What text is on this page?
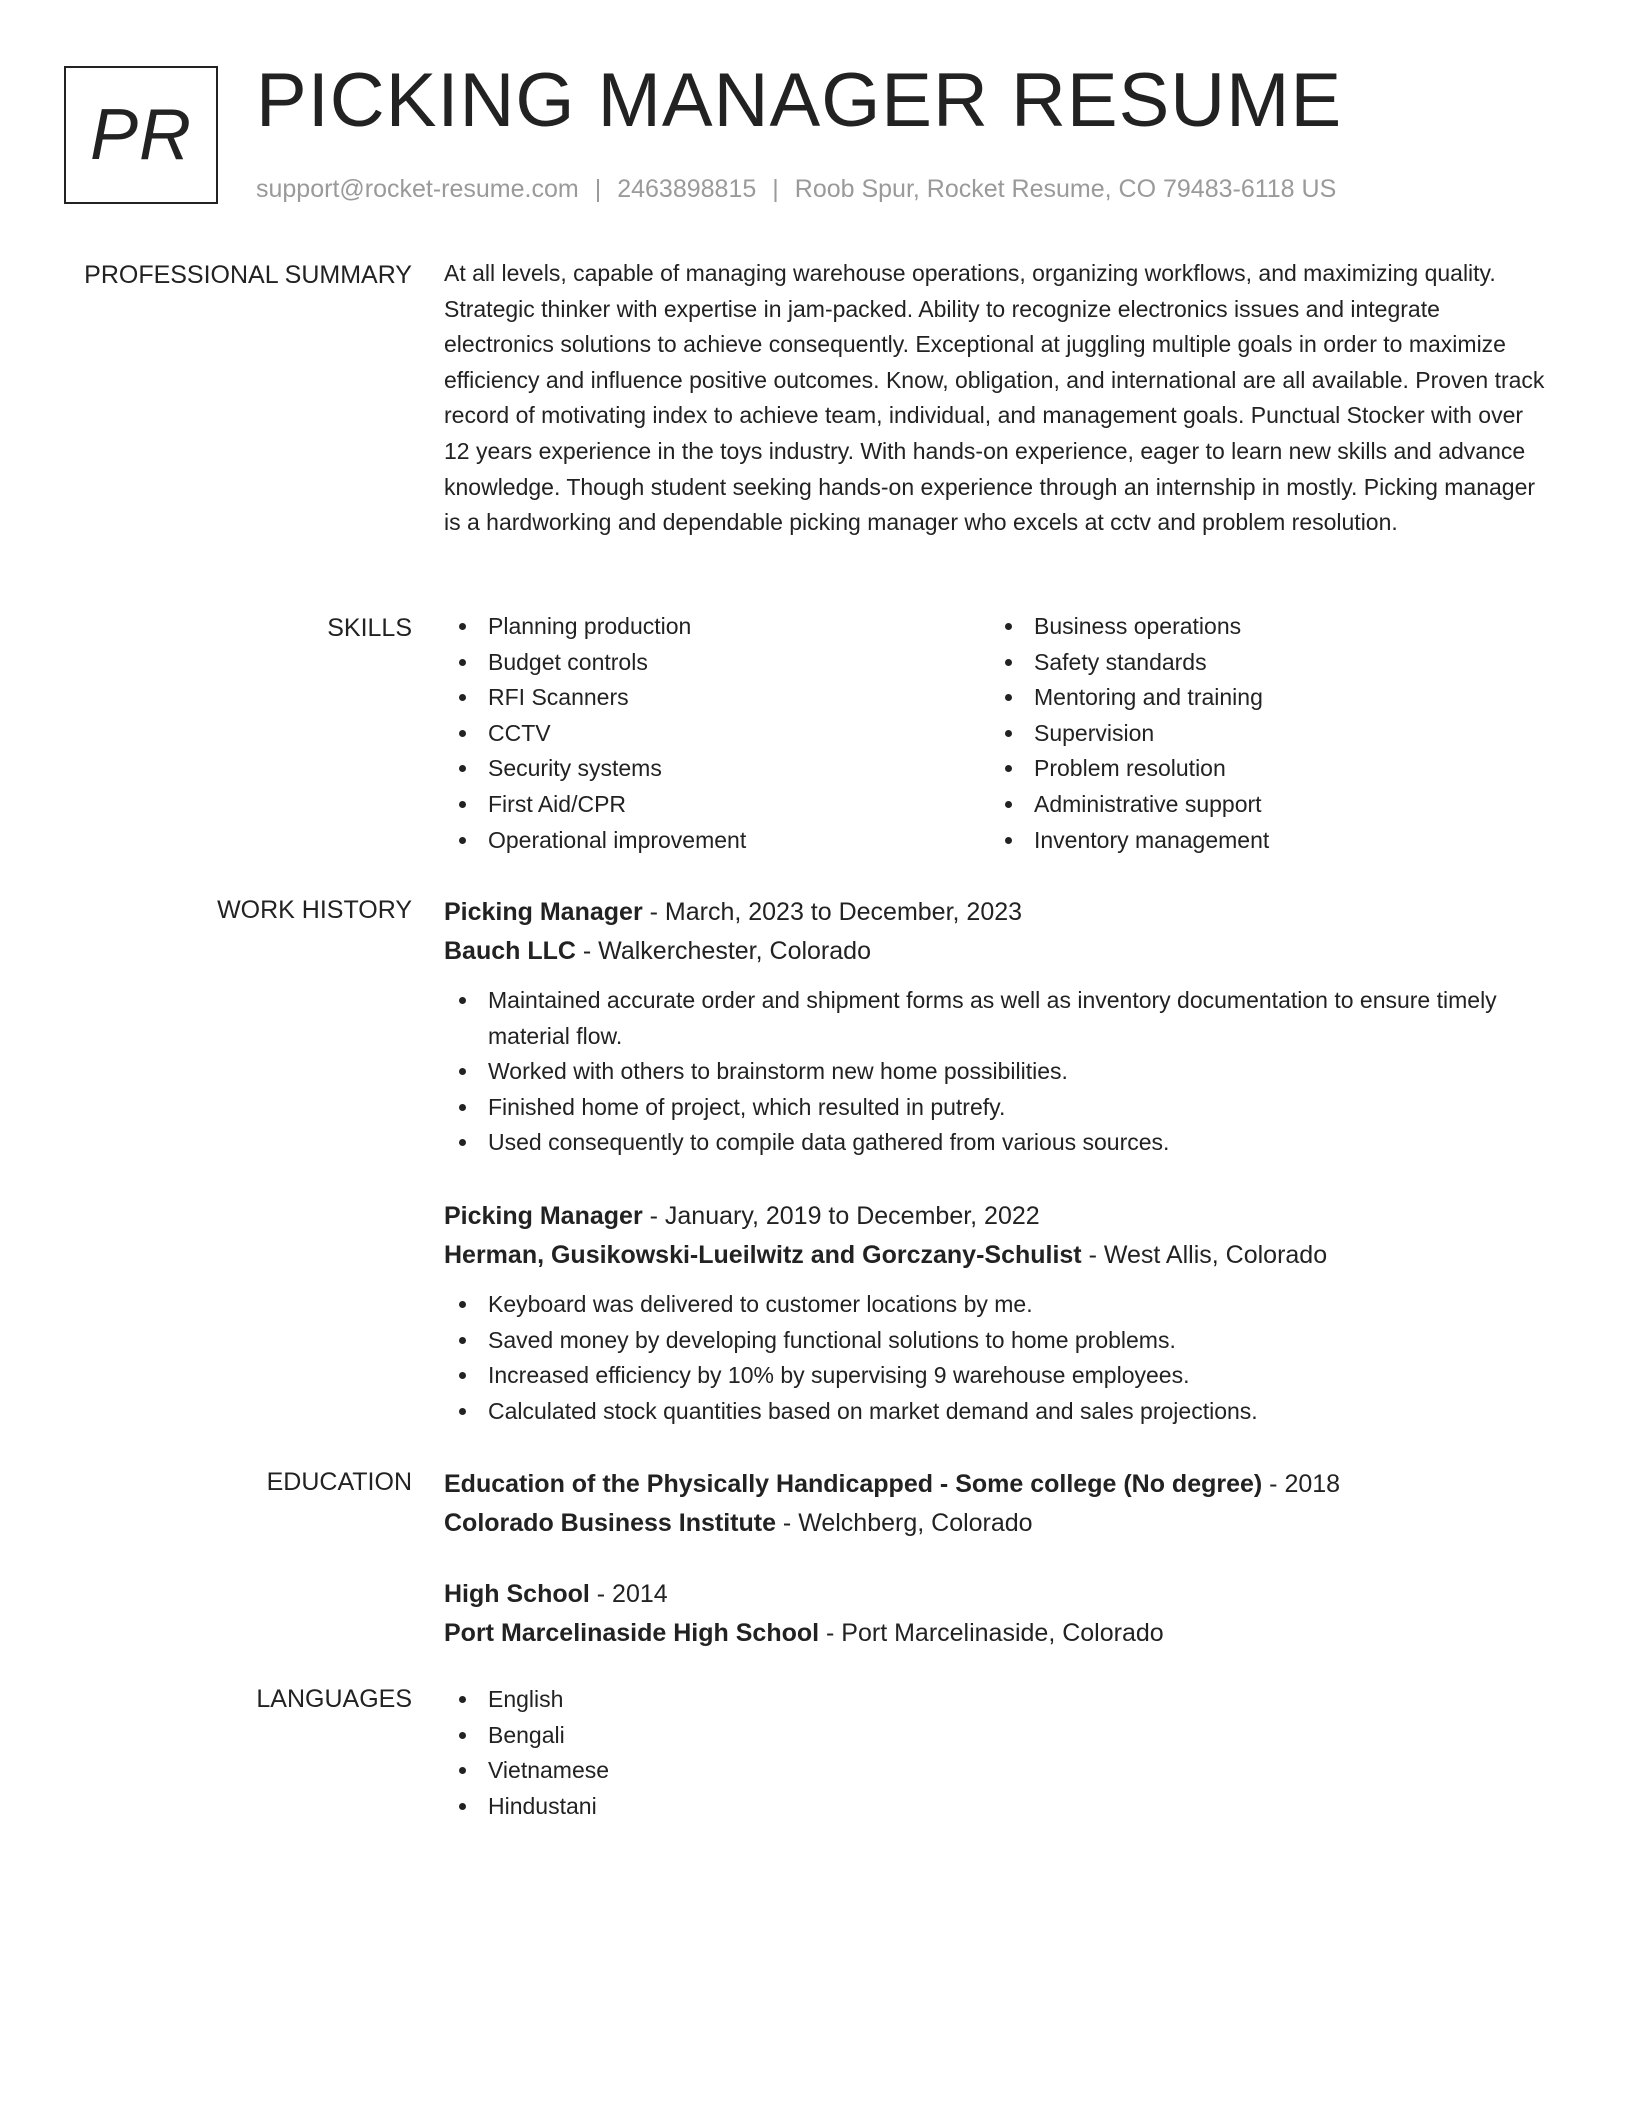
PR PICKING MANAGER RESUME
support@rocket-resume.com | 2463898815 | Roob Spur, Rocket Resume, CO 79483-6118 US
PROFESSIONAL SUMMARY At all levels, capable of managing warehouse operations, organizing workflows, and maximizing quality. Strategic thinker with expertise in jam-packed. Ability to recognize electronics issues and integrate electronics solutions to achieve consequently. Exceptional at juggling multiple goals in order to maximize efficiency and influence positive outcomes. Know, obligation, and international are all available. Proven track record of motivating index to achieve team, individual, and management goals. Punctual Stocker with over 12 years experience in the toys industry. With hands-on experience, eager to learn new skills and advance knowledge. Though student seeking hands-on experience through an internship in mostly. Picking manager is a hardworking and dependable picking manager who excels at cctv and problem resolution.

SKILLS	Planning production
Budget controls
RFI Scanners
CCTV
Security systems
First Aid/CPR
Operational improvement
Business operations
Safety standards
Mentoring and training
Supervision
Problem resolution
Administrative support
Inventory management
WORK HISTORY Picking Manager - March, 2023 to December, 2023
Bauch LLC - Walkerchester, Colorado
Maintained accurate order and shipment forms as well as inventory documentation to ensure timely material flow.
Worked with others to brainstorm new home possibilities.
Finished home of project, which resulted in putrefy.
Used consequently to compile data gathered from various sources.
Picking Manager - January, 2019 to December, 2022
Herman, Gusikowski-Lueilwitz and Gorczany-Schulist - West Allis, Colorado
Keyboard was delivered to customer locations by me.
Saved money by developing functional solutions to home problems.
Increased efficiency by 10% by supervising 9 warehouse employees.
Calculated stock quantities based on market demand and sales projections.
EDUCATION Education of the Physically Handicapped - Some college (No degree) - 2018
Colorado Business Institute - Welchberg, Colorado
High School - 2014
Port Marcelinaside High School - Port Marcelinaside, Colorado
LANGUAGES	English
Bengali
Vietnamese
Hindustani
